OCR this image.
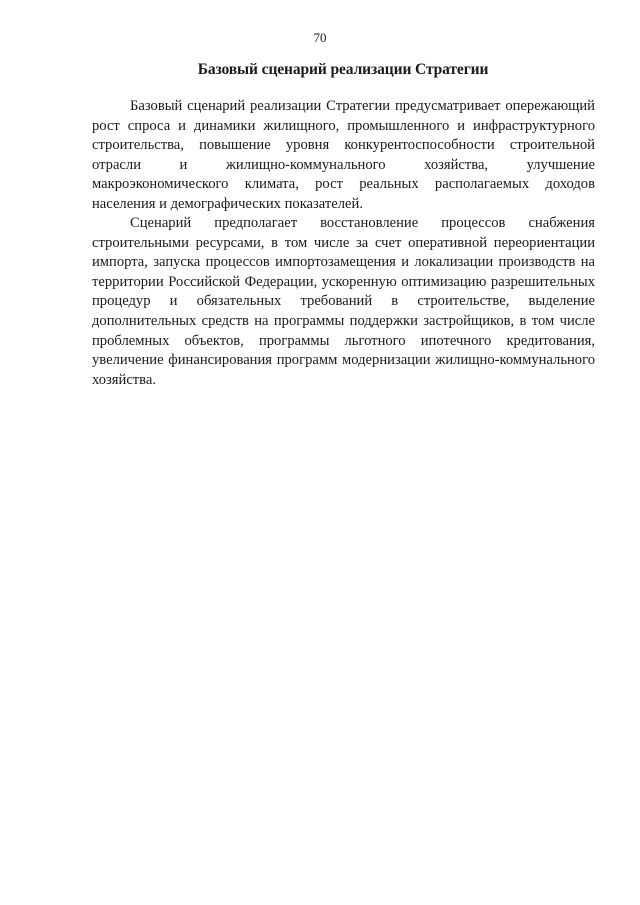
70
Базовый сценарий реализации Стратегии

Базовый сценарий реализации Стратегии предусматривает опережающий рост спроса и динамики жилищного, промышленного и инфраструктурного строительства, повышение уровня конкурентоспособности строительной отрасли и жилищно-коммунального хозяйства, улучшение макроэкономического климата, рост реальных располагаемых доходов населения и демографических показателей.

Сценарий предполагает восстановление процессов снабжения строительными ресурсами, в том числе за счет оперативной переориентации импорта, запуска процессов импортозамещения и локализации производств на территории Российской Федерации, ускоренную оптимизацию разрешительных процедур и обязательных требований в строительстве, выделение дополнительных средств на программы поддержки застройщиков, в том числе проблемных объектов, программы льготного ипотечного кредитования, увеличение финансирования программ модернизации жилищно-коммунального хозяйства.
